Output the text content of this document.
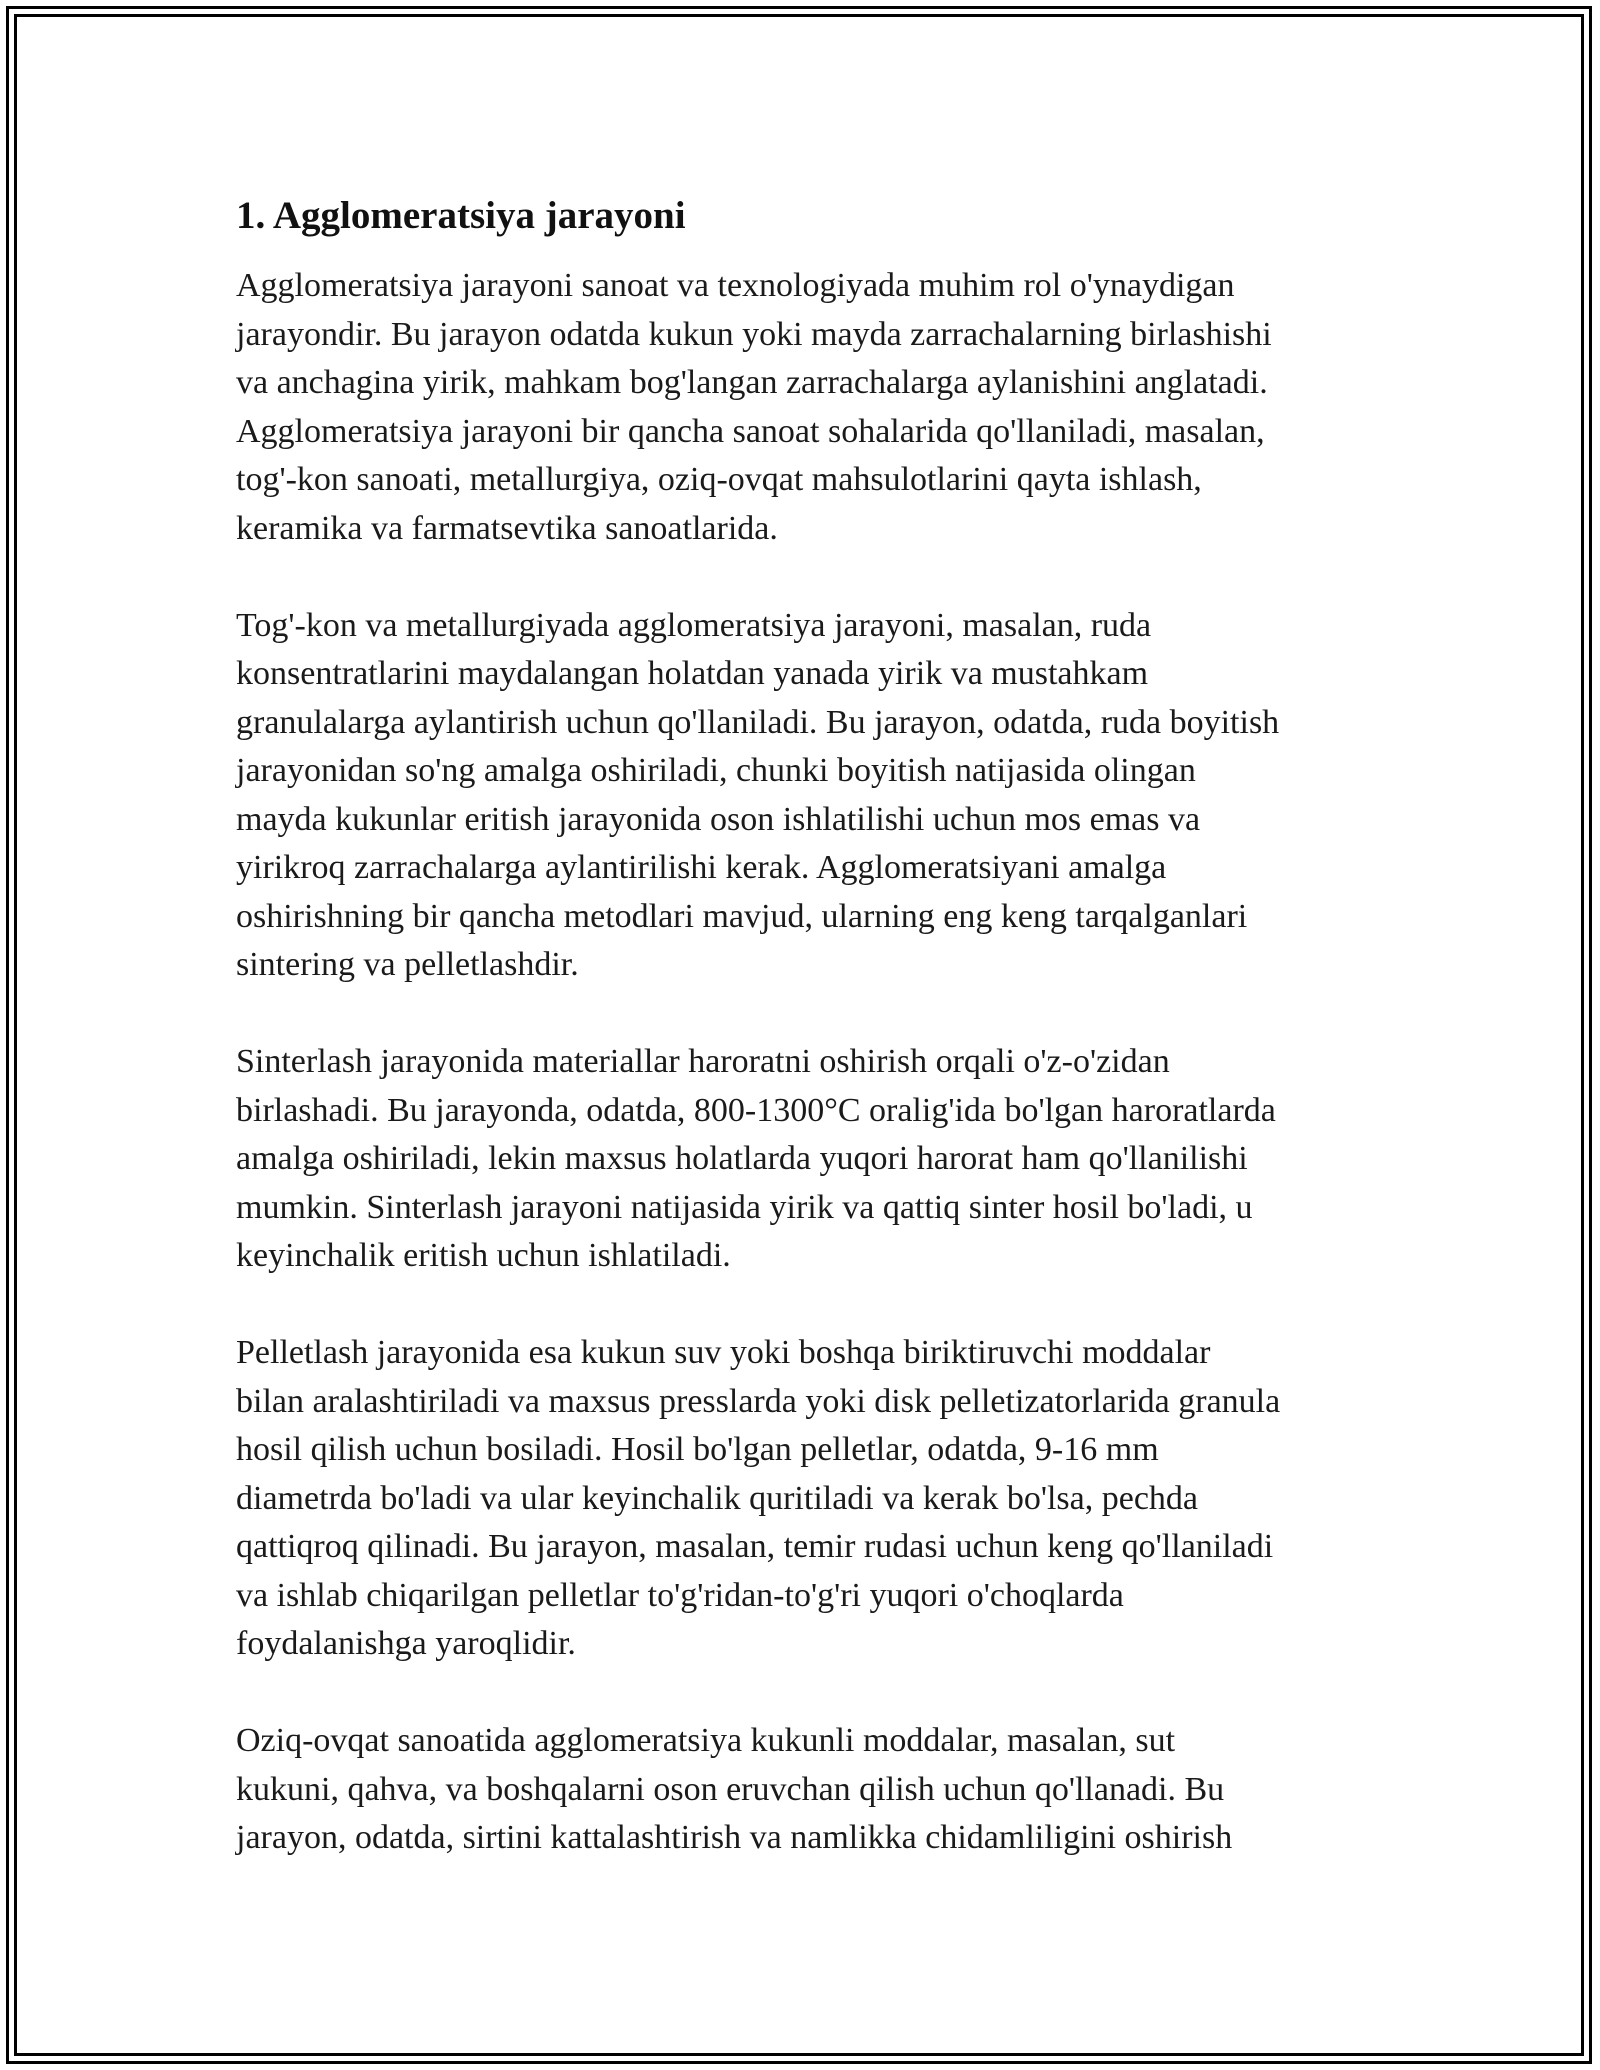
1. Agglomeratsiya jarayoni
Agglomeratsiya jarayoni sanoat va texnologiyada muhim rol o'ynaydigan
jarayondir. Bu jarayon odatda kukun yoki mayda zarrachalarning birlashishi
va anchagina yirik, mahkam bog'langan zarrachalarga aylanishini anglatadi.
Agglomeratsiya jarayoni bir qancha sanoat sohalarida qo'llaniladi, masalan,
tog'-kon sanoati, metallurgiya, oziq-ovqat mahsulotlarini qayta ishlash,
keramika va farmatsevtika sanoatlarida.
Tog'-kon va metallurgiyada agglomeratsiya jarayoni, masalan, ruda
konsentratlarini maydalangan holatdan yanada yirik va mustahkam
granulalarga aylantirish uchun qo'llaniladi. Bu jarayon, odatda, ruda boyitish
jarayonidan so'ng amalga oshiriladi, chunki boyitish natijasida olingan
mayda kukunlar eritish jarayonida oson ishlatilishi uchun mos emas va
yirikroq zarrachalarga aylantirilishi kerak. Agglomeratsiyani amalga
oshirishning bir qancha metodlari mavjud, ularning eng keng tarqalganlari
sintering va pelletlashdir.
Sinterlash jarayonida materiallar haroratni oshirish orqali o'z-o'zidan
birlashadi. Bu jarayonda, odatda, 800-1300°C oralig'ida bo'lgan haroratlarda
amalga oshiriladi, lekin maxsus holatlarda yuqori harorat ham qo'llanilishi
mumkin. Sinterlash jarayoni natijasida yirik va qattiq sinter hosil bo'ladi, u
keyinchalik eritish uchun ishlatiladi.
Pelletlash jarayonida esa kukun suv yoki boshqa biriktiruvchi moddalar
bilan aralashtiriladi va maxsus presslarda yoki disk pelletizatorlarida granula
hosil qilish uchun bosiladi. Hosil bo'lgan pelletlar, odatda, 9-16 mm
diametrda bo'ladi va ular keyinchalik quritiladi va kerak bo'lsa, pechda
qattiqroq qilinadi. Bu jarayon, masalan, temir rudasi uchun keng qo'llaniladi
va ishlab chiqarilgan pelletlar to'g'ridan-to'g'ri yuqori o'choqlarda
foydalanishga yaroqlidir.
Oziq-ovqat sanoatida agglomeratsiya kukunli moddalar, masalan, sut
kukuni, qahva, va boshqalarni oson eruvchan qilish uchun qo'llanadi. Bu
jarayon, odatda, sirtini kattalashtirish va namlikka chidamliligini oshirish
